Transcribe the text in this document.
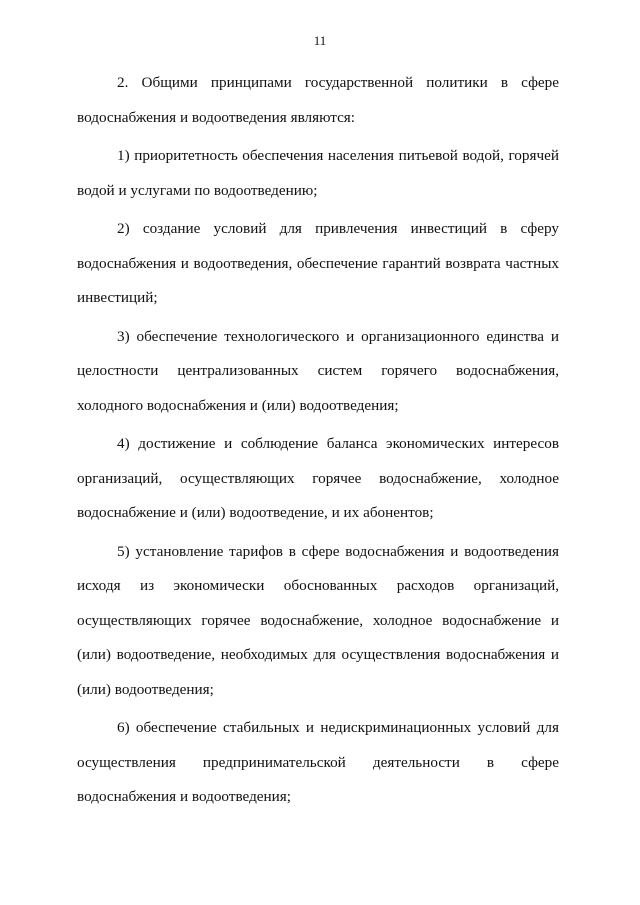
11

2. Общими принципами государственной политики в сфере водоснабжения и водоотведения являются:

1) приоритетность обеспечения населения питьевой водой, горячей водой и услугами по водоотведению;

2) создание условий для привлечения инвестиций в сферу водоснабжения и водоотведения, обеспечение гарантий возврата частных инвестиций;

3) обеспечение технологического и организационного единства и целостности централизованных систем горячего водоснабжения, холодного водоснабжения и (или) водоотведения;

4) достижение и соблюдение баланса экономических интересов организаций, осуществляющих горячее водоснабжение, холодное водоснабжение и (или) водоотведение, и их абонентов;

5) установление тарифов в сфере водоснабжения и водоотведения исходя из экономически обоснованных расходов организаций, осуществляющих горячее водоснабжение, холодное водоснабжение и (или) водоотведение, необходимых для осуществления водоснабжения и (или) водоотведения;

6) обеспечение стабильных и недискриминационных условий для осуществления предпринимательской деятельности в сфере водоснабжения и водоотведения;
